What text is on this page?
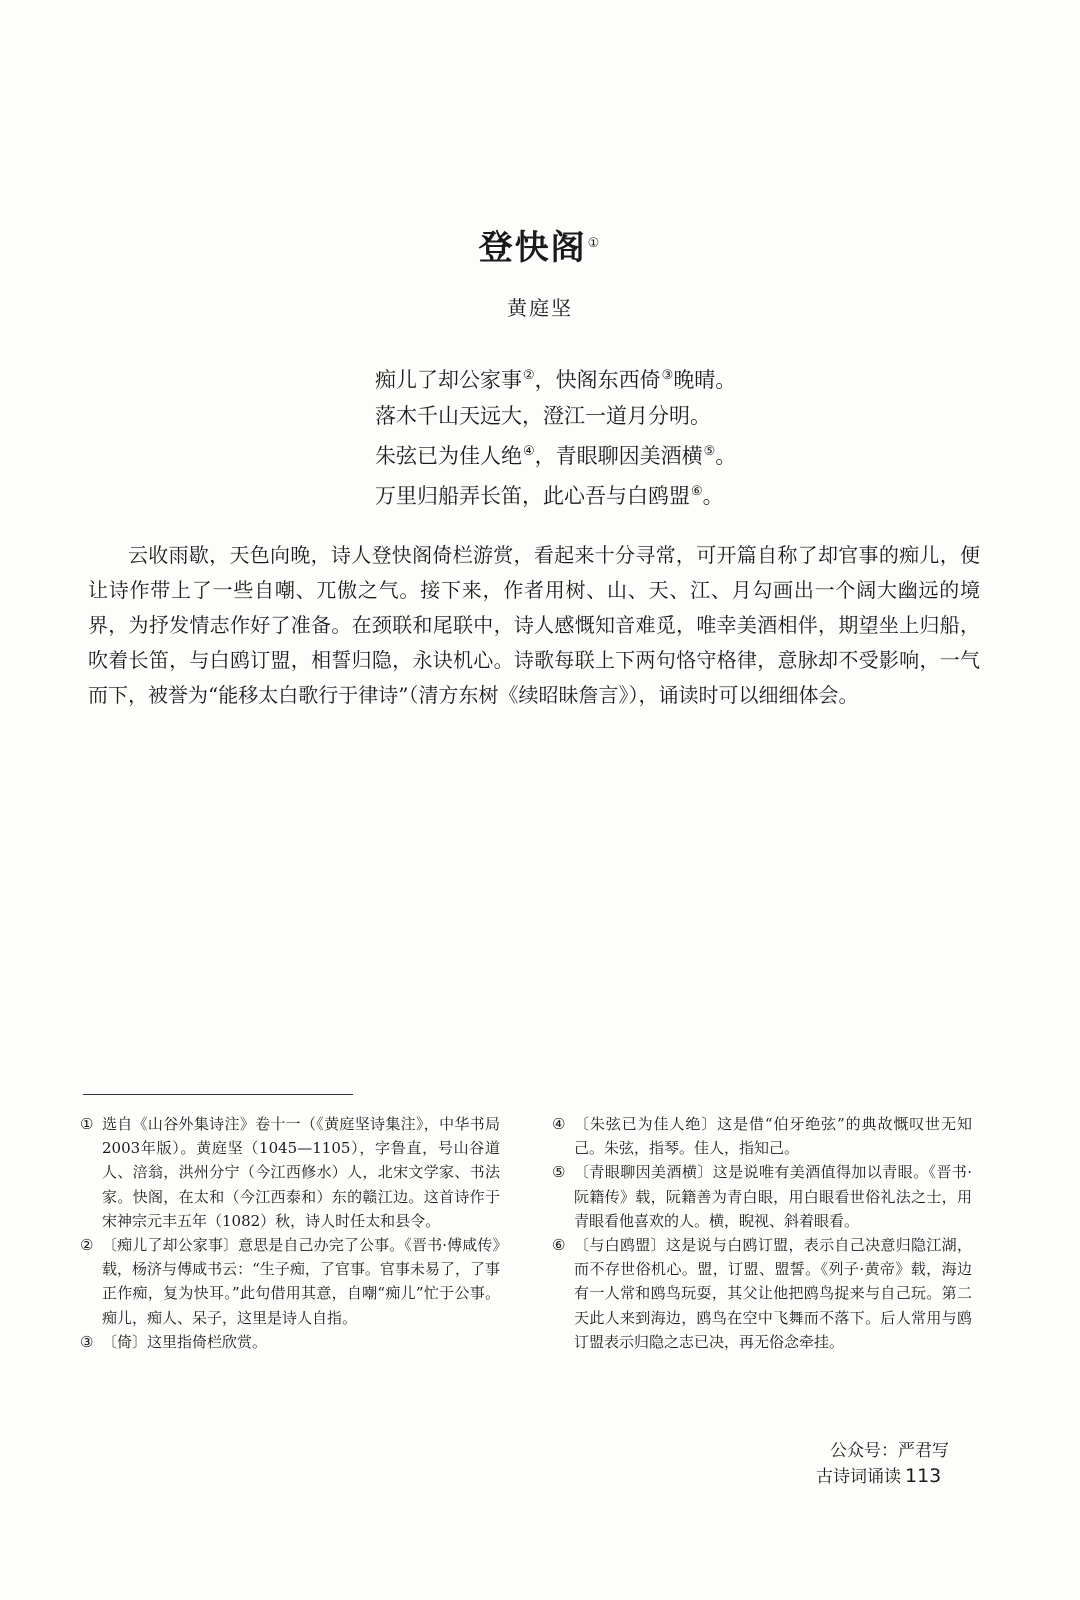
登快阁①
黄庭坚
痴儿了却公家事②，快阁东西倚③晚晴。
落木千山天远大，澄江一道月分明。
朱弦已为佳人绝④，青眼聊因美酒横⑤。
万里归船弄长笛，此心吾与白鸥盟⑥。

云收雨歇，天色向晚，诗人登快阁倚栏游赏，看起来十分寻常，可开篇自称了却官事的痴儿，便让诗作带上了一些自嘲、兀傲之气。接下来，作者用树、山、天、江、月勾画出一个阔大幽远的境界，为抒发情志作好了准备。在颈联和尾联中，诗人感慨知音难觅，唯幸美酒相伴，期望坐上归船，吹着长笛，与白鸥订盟，相誓归隐，永诀机心。诗歌每联上下两句恪守格律，意脉却不受影响，一气而下，被誉为“能移太白歌行于律诗”（清方东树《续昭昧詹言》），诵读时可以细细体会。

① 选自《山谷外集诗注》卷十一（《黄庭坚诗集注》，中华书局2003年版）。黄庭坚（1045—1105），字鲁直，号山谷道人、涪翁，洪州分宁（今江西修水）人，北宋文学家、书法家。快阁，在太和（今江西泰和）东的赣江边。这首诗作于宋神宗元丰五年（1082）秋，诗人时任太和县令。
② 〔痴儿了却公家事〕意思是自己办完了公事。《晋书·傅咸传》载，杨济与傅咸书云：“生子痴，了官事。官事未易了，了事正作痴，复为快耳。”此句借用其意，自嘲“痴儿”忙于公事。痴儿，痴人、呆子，这里是诗人自指。
③ 〔倚〕这里指倚栏欣赏。
④ 〔朱弦已为佳人绝〕这是借“伯牙绝弦”的典故慨叹世无知己。朱弦，指琴。佳人，指知己。
⑤ 〔青眼聊因美酒横〕这是说唯有美酒值得加以青眼。《晋书·阮籍传》载，阮籍善为青白眼，用白眼看世俗礼法之士，用青眼看他喜欢的人。横，睨视、斜着眼看。
⑥ 〔与白鸥盟〕这是说与白鸥订盟，表示自己决意归隐江湖，而不存世俗机心。盟，订盟、盟誓。《列子·黄帝》载，海边有一人常和鸥鸟玩耍，其父让他把鸥鸟捉来与自己玩。第二天此人来到海边，鸥鸟在空中飞舞而不落下。后人常用与鸥订盟表示归隐之志已决，再无俗念牵挂。
公众号：严君写
古诗词诵读 113
